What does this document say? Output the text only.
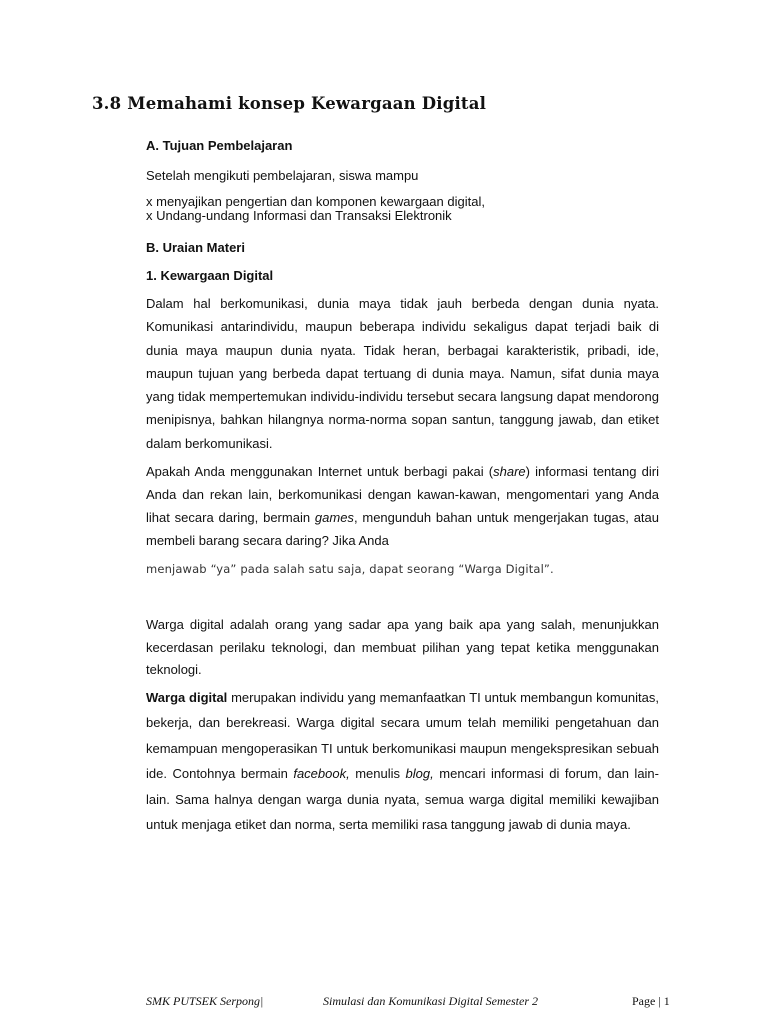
3.8 Memahami konsep Kewargaan Digital
A. Tujuan Pembelajaran
Setelah mengikuti pembelajaran, siswa mampu
x menyajikan pengertian dan komponen kewargaan digital,
x Undang-undang Informasi dan Transaksi Elektronik
B. Uraian Materi
1. Kewargaan Digital

Dalam hal berkomunikasi, dunia maya tidak jauh berbeda dengan dunia nyata. Komunikasi antarindividu, maupun beberapa individu sekaligus dapat terjadi baik di dunia maya maupun dunia nyata. Tidak heran, berbagai karakteristik, pribadi, ide, maupun tujuan yang berbeda dapat tertuang di dunia maya. Namun, sifat dunia maya yang tidak mempertemukan individu-individu tersebut secara langsung dapat mendorong menipisnya, bahkan hilangnya norma-norma sopan santun, tanggung jawab, dan etiket dalam berkomunikasi.

Apakah Anda menggunakan Internet untuk berbagi pakai (share) informasi tentang diri Anda dan rekan lain, berkomunikasi dengan kawan-kawan, mengomentari yang Anda lihat secara daring, bermain games, mengunduh bahan untuk mengerjakan tugas, atau membeli barang secara daring? Jika Anda

menjawab “ya” pada salah satu saja, dapat seorang “Warga Digital”.

Warga digital adalah orang yang sadar apa yang baik apa yang salah, menunjukkan kecerdasan perilaku teknologi, dan membuat pilihan yang tepat ketika menggunakan teknologi.

Warga digital merupakan individu yang memanfaatkan TI untuk membangun komunitas, bekerja, dan berekreasi. Warga digital secara umum telah memiliki pengetahuan dan kemampuan mengoperasikan TI untuk berkomunikasi maupun mengekspresikan sebuah ide. Contohnya bermain facebook, menulis blog, mencari informasi di forum, dan lain-lain. Sama halnya dengan warga dunia nyata, semua warga digital memiliki kewajiban untuk menjaga etiket dan norma, serta memiliki rasa tanggung jawab di dunia maya.

SMK PUTSEK Serpong|	Simulasi dan Komunikasi Digital Semester 2	Page | 1
